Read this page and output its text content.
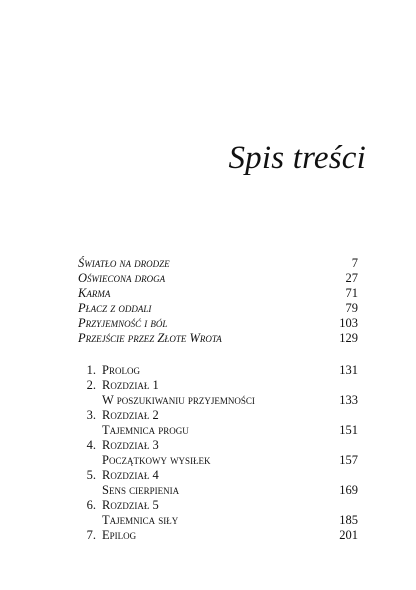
Spis treści
Światło na drodze	7
Oświecona droga	27
Karma	71
Płacz z oddali	79
Przyjemność i ból	103
Przejście przez Złote Wrota	129
1. Prolog	131
2. Rozdział 1
W poszukiwaniu przyjemności	133
3. Rozdział 2
Tajemnica progu	151
4. Rozdział 3
Początkowy wysiłek	157
5. Rozdział 4
Sens cierpienia	169
6. Rozdział 5
Tajemnica siły	185
7. Epilog	201
